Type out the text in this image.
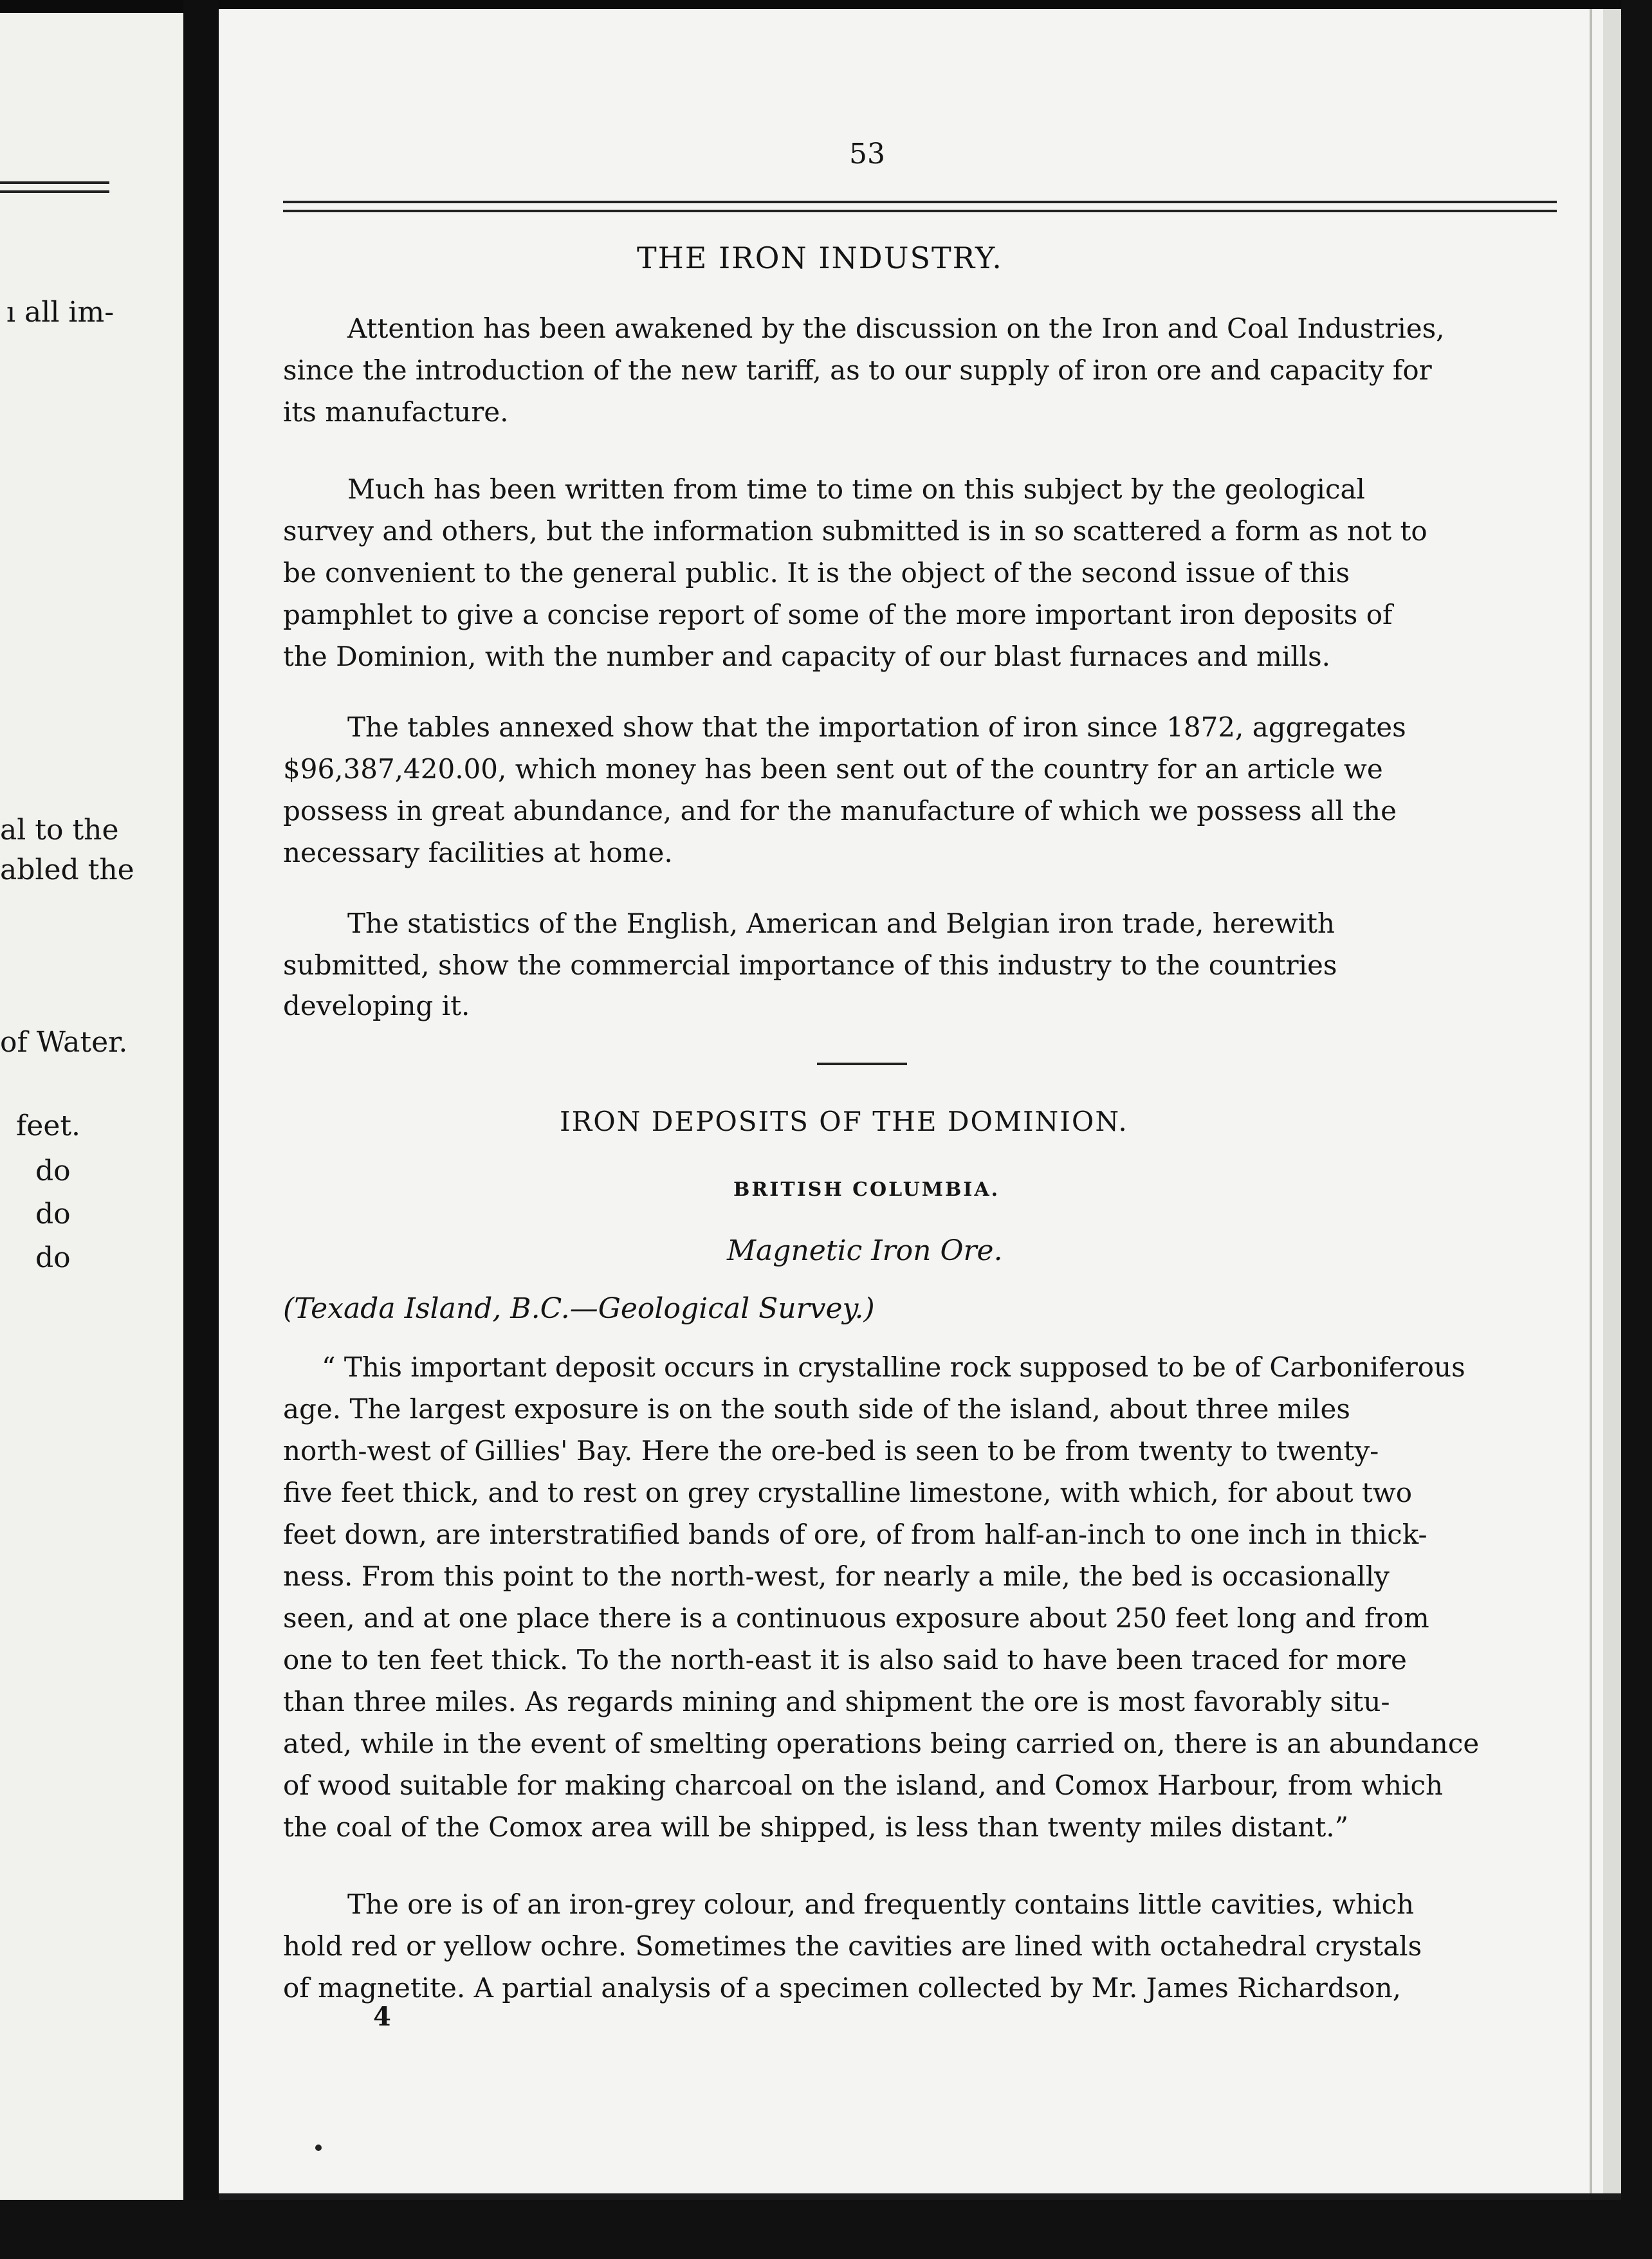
ı all im-
al to the
abled the
of Water.
feet.
do
do
do
53
THE IRON INDUSTRY.
Attention has been awakened by the discussion on the Iron and Coal Industries,
since the introduction of the new tariff, as to our supply of iron ore and capacity for
its manufacture.
Much has been written from time to time on this subject by the geological
survey and others, but the information submitted is in so scattered a form as not to
be convenient to the general public. It is the object of the second issue of this
pamphlet to give a concise report of some of the more important iron deposits of
the Dominion, with the number and capacity of our blast furnaces and mills.
The tables annexed show that the importation of iron since 1872, aggregates
$96,387,420.00, which money has been sent out of the country for an article we
possess in great abundance, and for the manufacture of which we possess all the
necessary facilities at home.
The statistics of the English, American and Belgian iron trade, herewith
submitted, show the commercial importance of this industry to the countries
developing it.
IRON DEPOSITS OF THE DOMINION.
BRITISH COLUMBIA.
Magnetic Iron Ore.
(Texada Island, B.C.—Geological Survey.)
“ This important deposit occurs in crystalline rock supposed to be of Carboniferous
age. The largest exposure is on the south side of the island, about three miles
north-west of Gillies' Bay. Here the ore-bed is seen to be from twenty to twenty-
five feet thick, and to rest on grey crystalline limestone, with which, for about two
feet down, are interstratified bands of ore, of from half-an-inch to one inch in thick-
ness. From this point to the north-west, for nearly a mile, the bed is occasionally
seen, and at one place there is a continuous exposure about 250 feet long and from
one to ten feet thick. To the north-east it is also said to have been traced for more
than three miles. As regards mining and shipment the ore is most favorably situ-
ated, while in the event of smelting operations being carried on, there is an abundance
of wood suitable for making charcoal on the island, and Comox Harbour, from which
the coal of the Comox area will be shipped, is less than twenty miles distant.”
The ore is of an iron-grey colour, and frequently contains little cavities, which
hold red or yellow ochre. Sometimes the cavities are lined with octahedral crystals
of magnetite. A partial analysis of a specimen collected by Mr. James Richardson,
4
